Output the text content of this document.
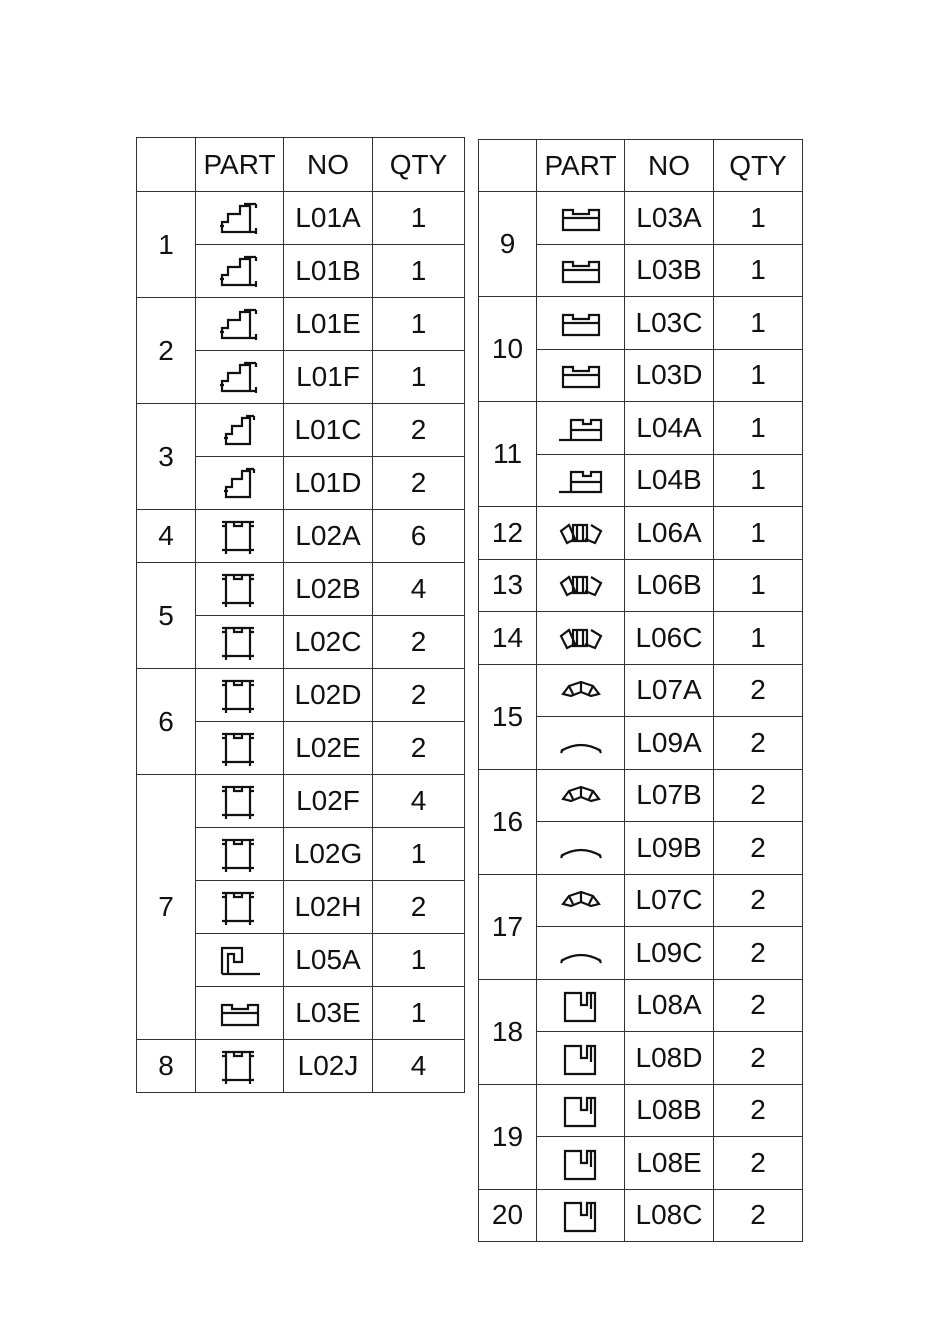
	PART	NO	QTY
1		L01A	1

	L01B	1
2		L01E	1

	L01F	1
3		L01C	2

	L01D	2
4		L02A	6
5		L02B	4

	L02C	2
6		L02D	2

	L02E	2
7		L02F	4

	L02G	1

	L02H	2

	L05A	1

	L03E	1
8		L02J	4
	PART	NO	QTY
9		L03A	1

	L03B	1
10		L03C	1

	L03D	1
11		L04A	1

	L04B	1
12		L06A	1
13		L06B	1
14		L06C	1
15		L07A	2

	L09A	2
16		L07B	2

	L09B	2
17		L07C	2

	L09C	2
18		L08A	2

	L08D	2
19		L08B	2

	L08E	2
20		L08C	2
